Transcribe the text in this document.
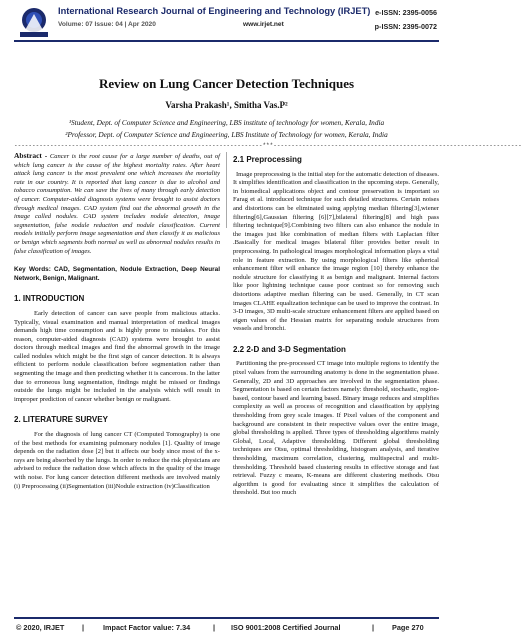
International Research Journal of Engineering and Technology (IRJET)
Volume: 07 Issue: 04 | Apr 2020	www.irjet.net
e-ISSN: 2395-0056
p-ISSN: 2395-0072
Review on Lung Cancer Detection Techniques
Varsha Prakash¹, Smitha Vas.P²
¹Student, Dept. of Computer Science and Engineering, LBS institute of technology for women, Kerala, India
²Professor, Dept. of Computer Science and Engineering, LBS Institute of Technology for women, Kerala, India
---------------------------------------------------------------------***---------------------------------------------------------------------

Abstract - Cancer is the root cause for a large number of deaths, out of which lung cancer is the cause of the highest mortality rates. After heart attack lung cancer is the most prevalent one which increases the mortality rate in our country. It is reported that lung cancer is due to alcohol and tobacco consumption. We can save the lives of many through early detection of cancer. Computer-aided diagnosis systems were brought to assist doctors through medical images. CAD system find out the abnormal growth in the image called nodules. CAD system includes nodule detection, image segmentation, false nodule reduction and nodule classification. Current models initially perform image segmentation and then classify it as malicious or benign which segments both normal as well as abnormal nodules results in false classification of images.

Key Words: CAD, Segmentation, Nodule Extraction, Deep Neural Network, Benign, Malignant.
1. INTRODUCTION

Early detection of cancer can save people from malicious attacks. Typically, visual examination and manual interpretation of medical images demands high time consumption and is highly prone to mistakes. For this reason, computer-aided diagnosis (CAD) systems were brought to assist doctors through medical images and find the abnormal growth in the image called nodules which might be the first sign of cancer detection. It is always efficient to perform nodule classification before segmentation rather than segmenting the image and then predicting whether it is cancerous. In the latter due to erroneous lung segmentation, findings might be missed or findings outside the lungs might be included in the analysis which will result in improper prediction of cancer whether benign or malignant.

2. LITERATURE SURVEY

For the diagnosis of lung cancer CT (Computed Tomography) is one of the best methods for examining pulmonary nodules [1]. Quality of image depends on the radiation dose [2] but it affects our body since most of the x-rays are being absorbed by the lungs. In order to reduce the risk physicians are advised to reduce the radiation dose which affects in the quality of the image with noise. For lung cancer detection different methods are involved mainly (i) Preprocessing (ii)Segmentation (iii)Nodule extraction (iv)Classification

2.1 Preprocessing

Image preprocessing is the initial step for the automatic detection of diseases. It simplifies identification and classification in the upcoming steps. Generally, in biomedical applications object and contour preservation is important so Farag et al. introduced technique for such detailed structures. Certain noises and distortions can be eliminated using applying median filtering[3],wiener filtering[6],Gaussian filtering [6][7],bilateral filtering[8] and high pass filtering technique[9].Combining two filters can also enhance the nodule in the images just like combination of median filters with Laplacian filter .Basically for medical images bilateral filter provides better result in preprocessing. In pathological images morphological information plays a vital role in feature extraction. By using morphological filters like spherical enhancement filter will enhance the image region [10] thereby enhance the nodule structure for classifying it as benign and malignant. Internal factors like poor lightning technique cause poor contrast so for removing such distortions adaptive median filtering can be used. Generally, in CT scan images CLAHE equalization technique can be used to improve the contrast. In 3-D images, 3D multi-scale structure enhancement filters are applied based on eigen values of the Hessian matrix for separating nodule structures from vessels and bronchi.

2.2 2-D and 3-D Segmentation

Partitioning the pre-processed CT image into multiple regions to identify the pixel values from the surrounding anatomy is done in the segmentation phase. Generally, 2D and 3D approaches are involved in the segmentation phase. Segmentation is based on certain factors namely: threshold, stochastic, region-based, contour based and learning based. Binary image reduces and simplifies complexity as well as process of recognition and classification by applying thresholding from grey scale images. If Pixel values of the component and background are consistent in their respective values over the entire image, global thresholding is applied. Three types of thresholding algorithms mainly Global, Local, Adaptive thresholding. Different global thresholding techniques are Otsu, optimal thresholding, histogram analysis, and iterative thresholding, maximum correlation, clustering, multispectral and multi-thresholding. Threshold based clustering results in effective storage and fast retrieval. Fuzzy c means, K-means are different clustering methods. Otsu algorithm is good for evaluating since it simplifies the calculation of threshold. But too much

© 2020, IRJET |	Impact Factor value: 7.34	| ISO 9001:2008 Certified Journal	| Page 270
